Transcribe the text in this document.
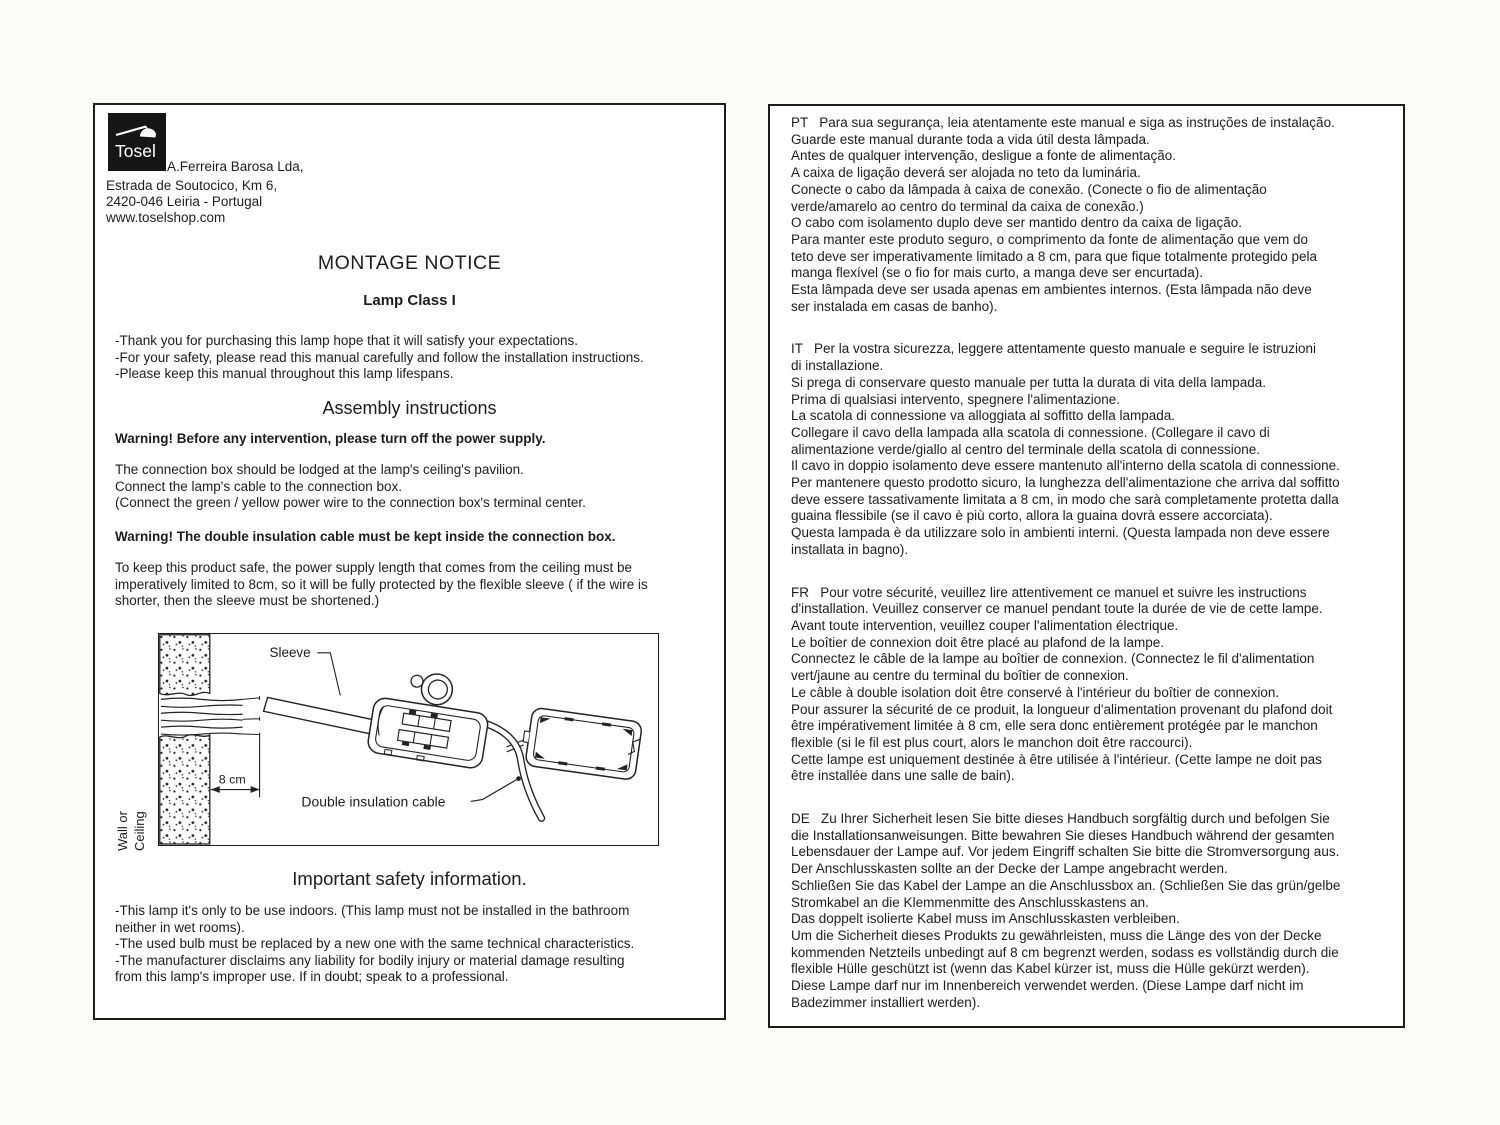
Tosel
A.Ferreira Barosa Lda,
Estrada de Soutocico, Km 6,
2420-046 Leiria - Portugal
www.toselshop.com
MONTAGE NOTICE
Lamp Class I
-Thank you for purchasing this lamp hope that it will satisfy your expectations.
-For your safety, please read this manual carefully and follow the installation instructions.
-Please keep this manual throughout this lamp lifespans.
Assembly instructions
Warning! Before any intervention, please turn off the power supply.
The connection box should be lodged at the lamp's ceiling's pavilion.
Connect the lamp's cable to the connection box.
(Connect the green / yellow power wire to the connection box's terminal center.
Warning! The double insulation cable must be kept inside the connection box.
To keep this product safe, the power supply length that comes from the ceiling must be
imperatively limited to 8cm, so it will be fully protected by the flexible sleeve ( if the wire is
shorter, then the sleeve must be shortened.)
8 cm
Sleeve
Double insulation cable
Wall or Ceiling
Important safety information.
-This lamp it's only to be use indoors. (This lamp must not be installed in the bathroom
neither in wet rooms).
-The used bulb must be replaced by a new one with the same technical characteristics.
-The manufacturer disclaims any liability for bodily injury or material damage resulting
from this lamp's improper use. If in doubt; speak to a professional.
PT   Para sua segurança, leia atentamente este manual e siga as instruções de instalação.
Guarde este manual durante toda a vida útil desta lâmpada.
Antes de qualquer intervenção, desligue a fonte de alimentação.
A caixa de ligação deverá ser alojada no teto da luminária.
Conecte o cabo da lâmpada à caixa de conexão. (Conecte o fio de alimentação
verde/amarelo ao centro do terminal da caixa de conexão.)
O cabo com isolamento duplo deve ser mantido dentro da caixa de ligação.
Para manter este produto seguro, o comprimento da fonte de alimentação que vem do
teto deve ser imperativamente limitado a 8 cm, para que fique totalmente protegido pela
manga flexível (se o fio for mais curto, a manga deve ser encurtada).
Esta lâmpada deve ser usada apenas em ambientes internos. (Esta lâmpada não deve
ser instalada em casas de banho).
IT   Per la vostra sicurezza, leggere attentamente questo manuale e seguire le istruzioni
di installazione.
Si prega di conservare questo manuale per tutta la durata di vita della lampada.
Prima di qualsiasi intervento, spegnere l'alimentazione.
La scatola di connessione va alloggiata al soffitto della lampada.
Collegare il cavo della lampada alla scatola di connessione. (Collegare il cavo di
alimentazione verde/giallo al centro del terminale della scatola di connessione.
Il cavo in doppio isolamento deve essere mantenuto all'interno della scatola di connessione.
Per mantenere questo prodotto sicuro, la lunghezza dell'alimentazione che arriva dal soffitto
deve essere tassativamente limitata a 8 cm, in modo che sarà completamente protetta dalla
guaina flessibile (se il cavo è più corto, allora la guaina dovrà essere accorciata).
Questa lampada è da utilizzare solo in ambienti interni. (Questa lampada non deve essere
installata in bagno).
FR   Pour votre sécurité, veuillez lire attentivement ce manuel et suivre les instructions
d'installation. Veuillez conserver ce manuel pendant toute la durée de vie de cette lampe.
Avant toute intervention, veuillez couper l'alimentation électrique.
Le boîtier de connexion doit être placé au plafond de la lampe.
Connectez le câble de la lampe au boîtier de connexion. (Connectez le fil d'alimentation
vert/jaune au centre du terminal du boîtier de connexion.
Le câble à double isolation doit être conservé à l'intérieur du boîtier de connexion.
Pour assurer la sécurité de ce produit, la longueur d'alimentation provenant du plafond doit
être impérativement limitée à 8 cm, elle sera donc entièrement protégée par le manchon
flexible (si le fil est plus court, alors le manchon doit être raccourci).
Cette lampe est uniquement destinée à être utilisée à l'intérieur. (Cette lampe ne doit pas
être installée dans une salle de bain).
DE   Zu Ihrer Sicherheit lesen Sie bitte dieses Handbuch sorgfältig durch und befolgen Sie
die Installationsanweisungen. Bitte bewahren Sie dieses Handbuch während der gesamten
Lebensdauer der Lampe auf. Vor jedem Eingriff schalten Sie bitte die Stromversorgung aus.
Der Anschlusskasten sollte an der Decke der Lampe angebracht werden.
Schließen Sie das Kabel der Lampe an die Anschlussbox an. (Schließen Sie das grün/gelbe
Stromkabel an die Klemmenmitte des Anschlusskastens an.
Das doppelt isolierte Kabel muss im Anschlusskasten verbleiben.
Um die Sicherheit dieses Produkts zu gewährleisten, muss die Länge des von der Decke
kommenden Netzteils unbedingt auf 8 cm begrenzt werden, sodass es vollständig durch die
flexible Hülle geschützt ist (wenn das Kabel kürzer ist, muss die Hülle gekürzt werden).
Diese Lampe darf nur im Innenbereich verwendet werden. (Diese Lampe darf nicht im
Badezimmer installiert werden).
